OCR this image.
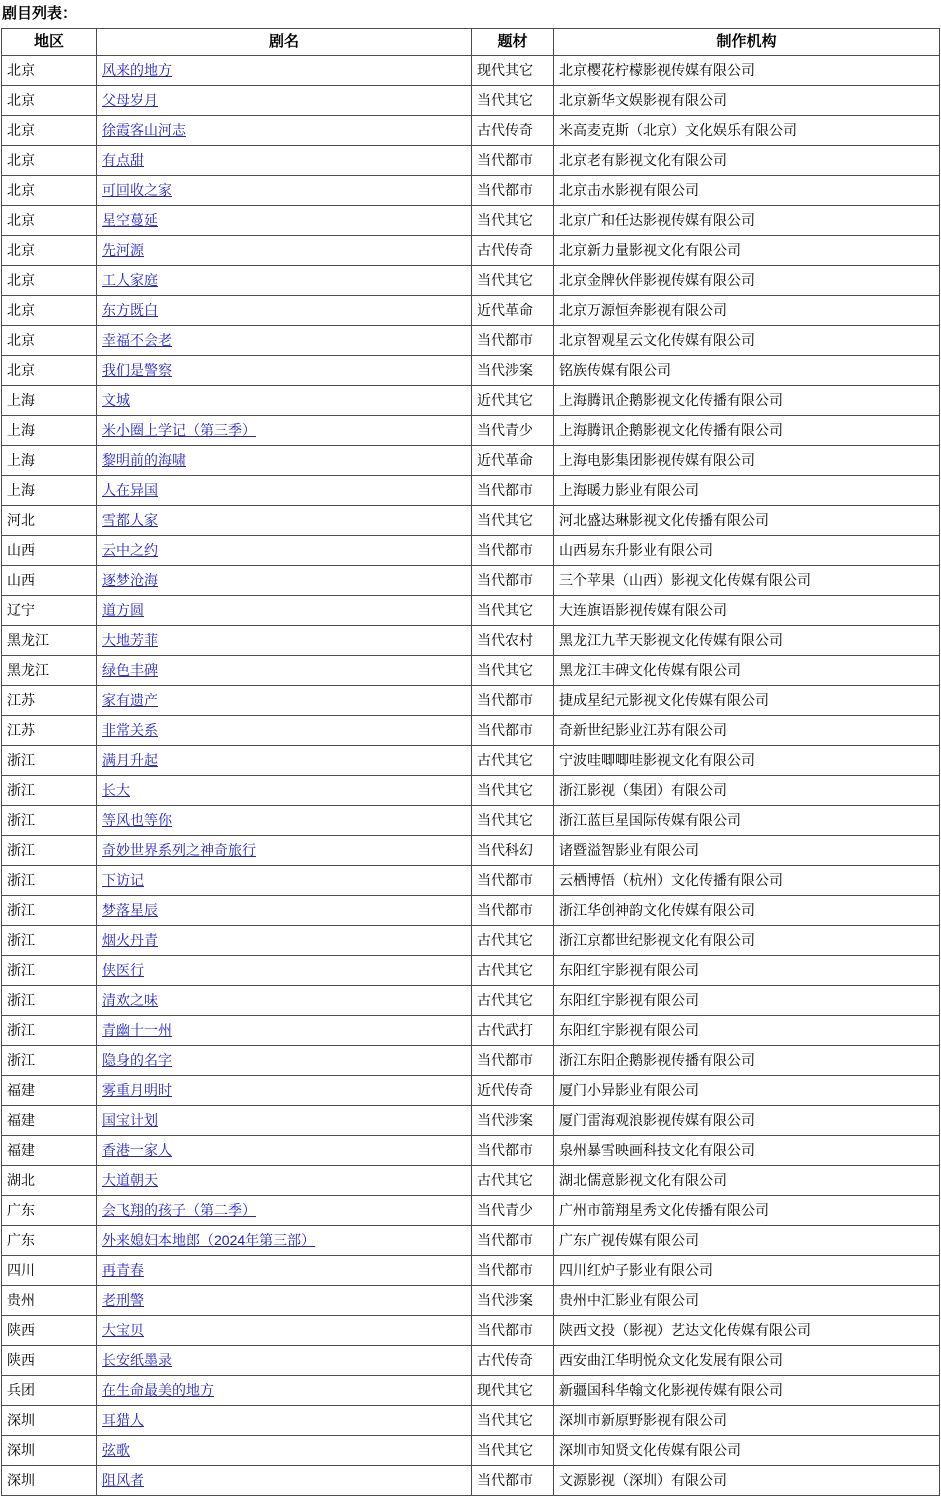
剧目列表：
地区	剧名	题材	制作机构
北京	风来的地方	现代其它	北京樱花柠檬影视传媒有限公司
北京	父母岁月	当代其它	北京新华文娱影视有限公司
北京	徐霞客山河志	古代传奇	米高麦克斯（北京）文化娱乐有限公司
北京	有点甜	当代都市	北京老有影视文化有限公司
北京	可回收之家	当代都市	北京击水影视有限公司
北京	星空蔓延	当代其它	北京广和任达影视传媒有限公司
北京	先河源	古代传奇	北京新力量影视文化有限公司
北京	工人家庭	当代其它	北京金牌伙伴影视传媒有限公司
北京	东方既白	近代革命	北京万源恒奔影视有限公司
北京	幸福不会老	当代都市	北京智观星云文化传媒有限公司
北京	我们是警察	当代涉案	铭族传媒有限公司
上海	文城	近代其它	上海腾讯企鹅影视文化传播有限公司
上海	米小圈上学记（第三季）	当代青少	上海腾讯企鹅影视文化传播有限公司
上海	黎明前的海啸	近代革命	上海电影集团影视传媒有限公司
上海	人在异国	当代都市	上海暖力影业有限公司
河北	雪都人家	当代其它	河北盛达琳影视文化传播有限公司
山西	云中之约	当代都市	山西易东升影业有限公司
山西	逐梦沧海	当代都市	三个苹果（山西）影视文化传媒有限公司
辽宁	道方圆	当代其它	大连旗语影视传媒有限公司
黑龙江	大地芳菲	当代农村	黑龙江九芊天影视文化传媒有限公司
黑龙江	绿色丰碑	当代其它	黑龙江丰碑文化传媒有限公司
江苏	家有遗产	当代都市	捷成星纪元影视文化传媒有限公司
江苏	非常关系	当代都市	奇新世纪影业江苏有限公司
浙江	满月升起	古代其它	宁波哇唧唧哇影视文化有限公司
浙江	长大	当代其它	浙江影视（集团）有限公司
浙江	等风也等你	当代其它	浙江蓝巨星国际传媒有限公司
浙江	奇妙世界系列之神奇旅行	当代科幻	诸暨溢智影业有限公司
浙江	下访记	当代都市	云栖博悟（杭州）文化传播有限公司
浙江	梦落星辰	当代都市	浙江华创神韵文化传媒有限公司
浙江	烟火丹青	古代其它	浙江京都世纪影视文化有限公司
浙江	侠医行	古代其它	东阳红宇影视有限公司
浙江	清欢之味	古代其它	东阳红宇影视有限公司
浙江	青幽十一州	古代武打	东阳红宇影视有限公司
浙江	隐身的名字	当代都市	浙江东阳企鹅影视传播有限公司
福建	雾重月明时	近代传奇	厦门小异影业有限公司
福建	国宝计划	当代涉案	厦门雷海观浪影视传媒有限公司
福建	香港一家人	当代都市	泉州暴雪映画科技文化有限公司
湖北	大道朝天	古代其它	湖北儒意影视文化有限公司
广东	会飞翔的孩子（第二季）	当代青少	广州市箭翔星秀文化传播有限公司
广东	外来媳妇本地郎（2024年第三部）	当代都市	广东广视传媒有限公司
四川	再青春	当代都市	四川红炉子影业有限公司
贵州	老刑警	当代涉案	贵州中汇影业有限公司
陕西	大宝贝	当代都市	陕西文投（影视）艺达文化传媒有限公司
陕西	长安纸墨录	古代传奇	西安曲江华明悦众文化发展有限公司
兵团	在生命最美的地方	现代其它	新疆国科华翰文化影视传媒有限公司
深圳	耳猎人	当代其它	深圳市新原野影视有限公司
深圳	弦歌	当代其它	深圳市知贤文化传媒有限公司
深圳	阻风者	当代都市	文源影视（深圳）有限公司
